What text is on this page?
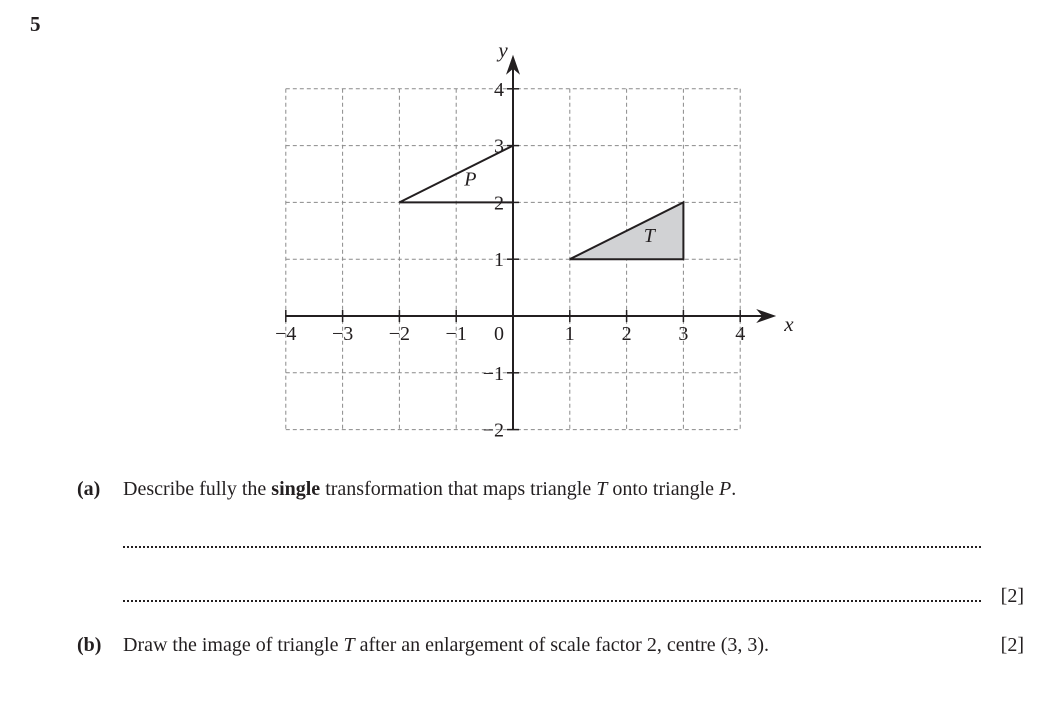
5
P
T
−4 −3 −2 −1	1 2 3 4
4
3
2
1
−1
−2
0	x
y
(a) Describe fully the single transformation that maps triangle T onto triangle P.
[2]
(b) Draw the image of triangle T after an enlargement of scale factor 2, centre (3, 3).	[2]
